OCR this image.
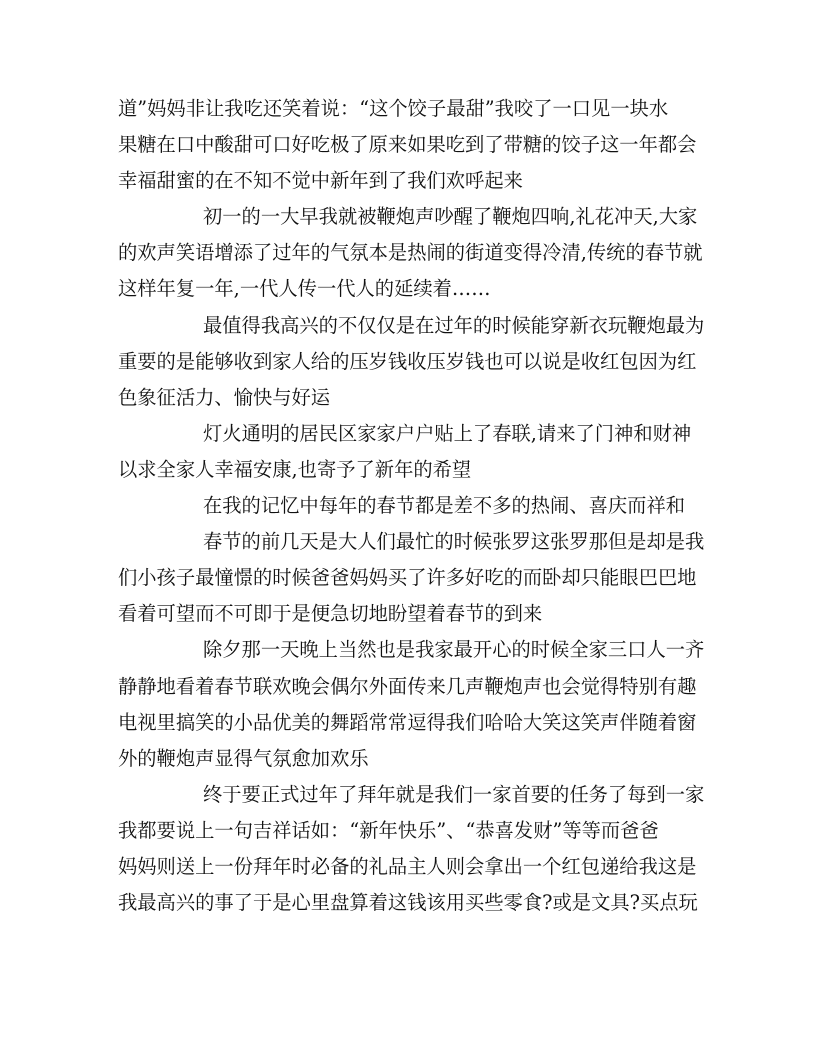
道”妈妈非让我吃还笑着说：“这个饺子最甜”我咬了一口见一块水
果糖在口中酸甜可口好吃极了原来如果吃到了带糖的饺子这一年都会
幸福甜蜜的在不知不觉中新年到了我们欢呼起来
初一的一大早我就被鞭炮声吵醒了鞭炮四响,礼花冲天,大家
的欢声笑语增添了过年的气氛本是热闹的街道变得冷清,传统的春节就
这样年复一年,一代人传一代人的延续着……
最值得我高兴的不仅仅是在过年的时候能穿新衣玩鞭炮最为
重要的是能够收到家人给的压岁钱收压岁钱也可以说是收红包因为红
色象征活力、愉快与好运
灯火通明的居民区家家户户贴上了春联,请来了门神和财神
以求全家人幸福安康,也寄予了新年的希望
在我的记忆中每年的春节都是差不多的热闹、喜庆而祥和
春节的前几天是大人们最忙的时候张罗这张罗那但是却是我
们小孩子最憧憬的时候爸爸妈妈买了许多好吃的而卧却只能眼巴巴地
看着可望而不可即于是便急切地盼望着春节的到来
除夕那一天晚上当然也是我家最开心的时候全家三口人一齐
静静地看着春节联欢晚会偶尔外面传来几声鞭炮声也会觉得特别有趣
电视里搞笑的小品优美的舞蹈常常逗得我们哈哈大笑这笑声伴随着窗
外的鞭炮声显得气氛愈加欢乐
终于要正式过年了拜年就是我们一家首要的任务了每到一家
我都要说上一句吉祥话如：“新年快乐”、“恭喜发财”等等而爸爸
妈妈则送上一份拜年时必备的礼品主人则会拿出一个红包递给我这是
我最高兴的事了于是心里盘算着这钱该用买些零食?或是文具?买点玩
